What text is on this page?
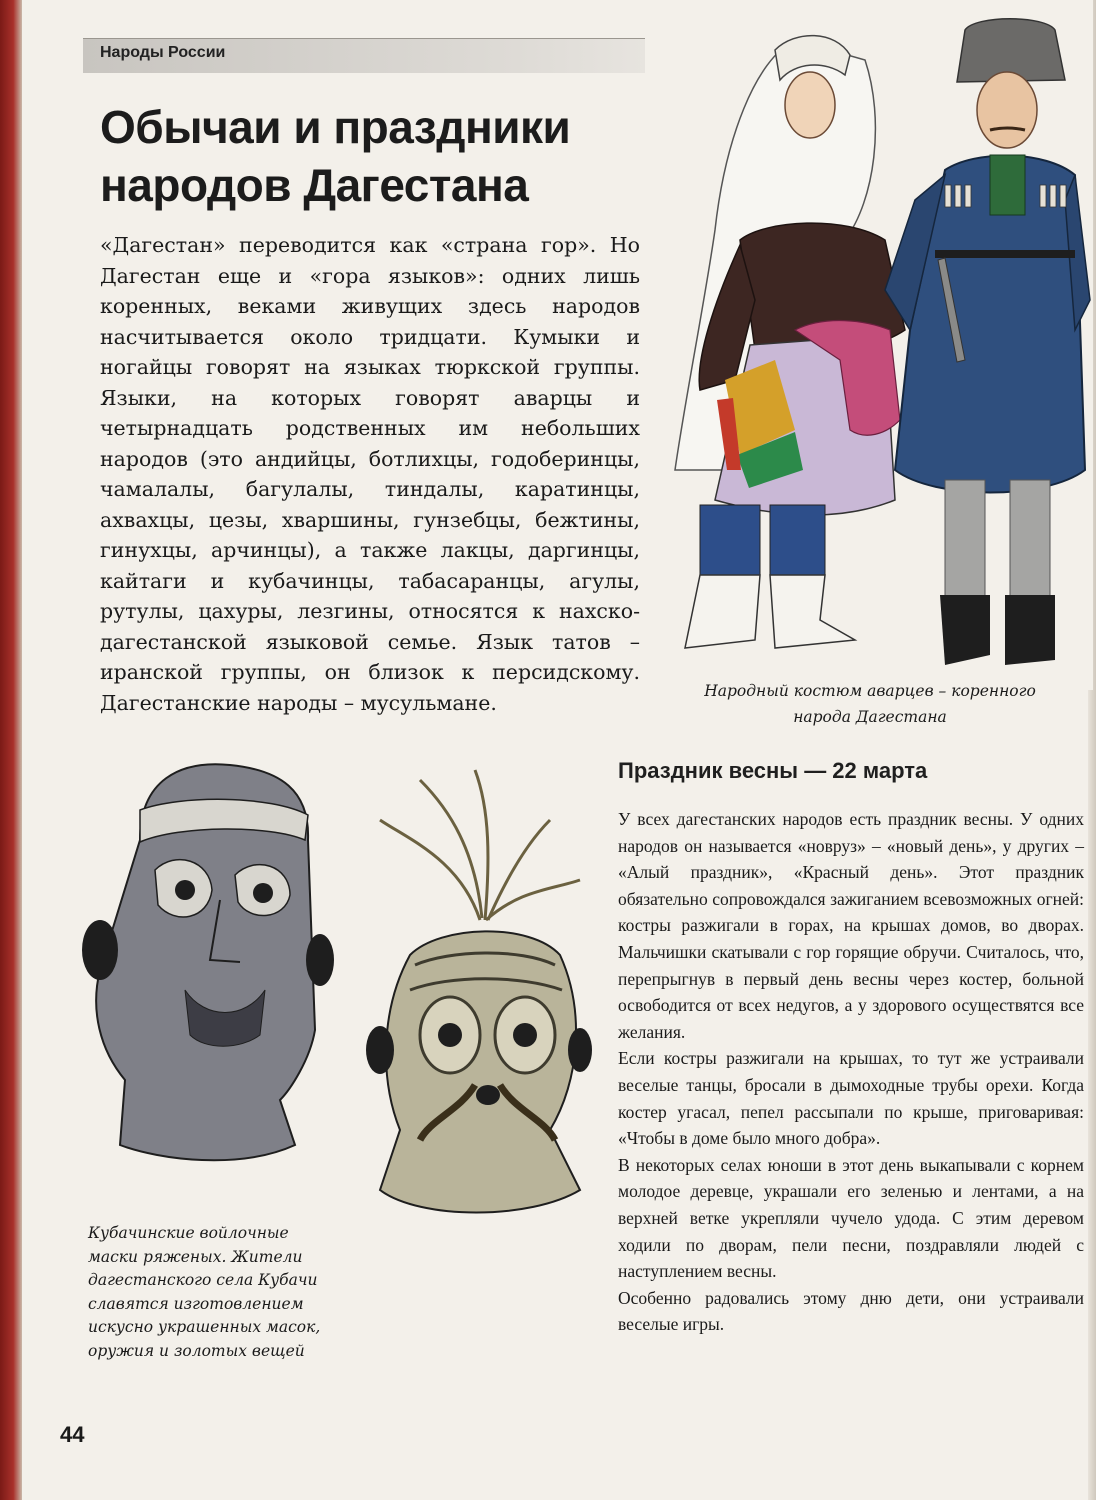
Народы России
Обычаи и праздники народов Дагестана

«Дагестан» переводится как «страна гор». Но Дагестан еще и «гора языков»: одних лишь коренных, веками живущих здесь народов насчитывается около тридцати. Кумыки и ногайцы говорят на языках тюркской группы. Языки, на которых говорят аварцы и четырнадцать родственных им небольших народов (это андийцы, ботлихцы, годоберинцы, чамалалы, багулалы, тиндалы, каратинцы, ахвахцы, цезы, хваршины, гунзебцы, бежтины, гинухцы, арчинцы), а также лакцы, даргинцы, кайтаги и кубачинцы, табасаранцы, агулы, рутулы, цахуры, лезгины, относятся к нахско-дагестанской языковой семье. Язык татов – иранской группы, он близок к персидскому. Дагестанские народы – мусульмане.	Народный костюм аварцев – коренного народа Дагестана
Кубачинские войлочные маски ряженых. Жители дагестанского села Кубачи славятся изготовлением искусно украшенных масок, оружия и золотых вещей
Праздник весны — 22 марта

У всех дагестанских народов есть праздник весны. У одних народов он называется «новруз» – «новый день», у других – «Алый праздник», «Красный день». Этот праздник обязательно сопровождался зажиганием всевозможных огней: костры разжигали в горах, на крышах домов, во дворах. Мальчишки скатывали с гор горящие обручи. Считалось, что, перепрыгнув в первый день весны через костер, больной освободится от всех недугов, а у здорового осуществятся все желания.

Если костры разжигали на крышах, то тут же устраивали веселые танцы, бросали в дымоходные трубы орехи. Когда костер угасал, пепел рассыпали по крыше, приговаривая: «Чтобы в доме было много добра».

В некоторых селах юноши в этот день выкапывали с корнем молодое деревце, украшали его зеленью и лентами, а на верхней ветке укрепляли чучело удода. С этим деревом ходили по дворам, пели песни, поздравляли людей с наступлением весны.

Особенно радовались этому дню дети, они устраивали веселые игры.

44
